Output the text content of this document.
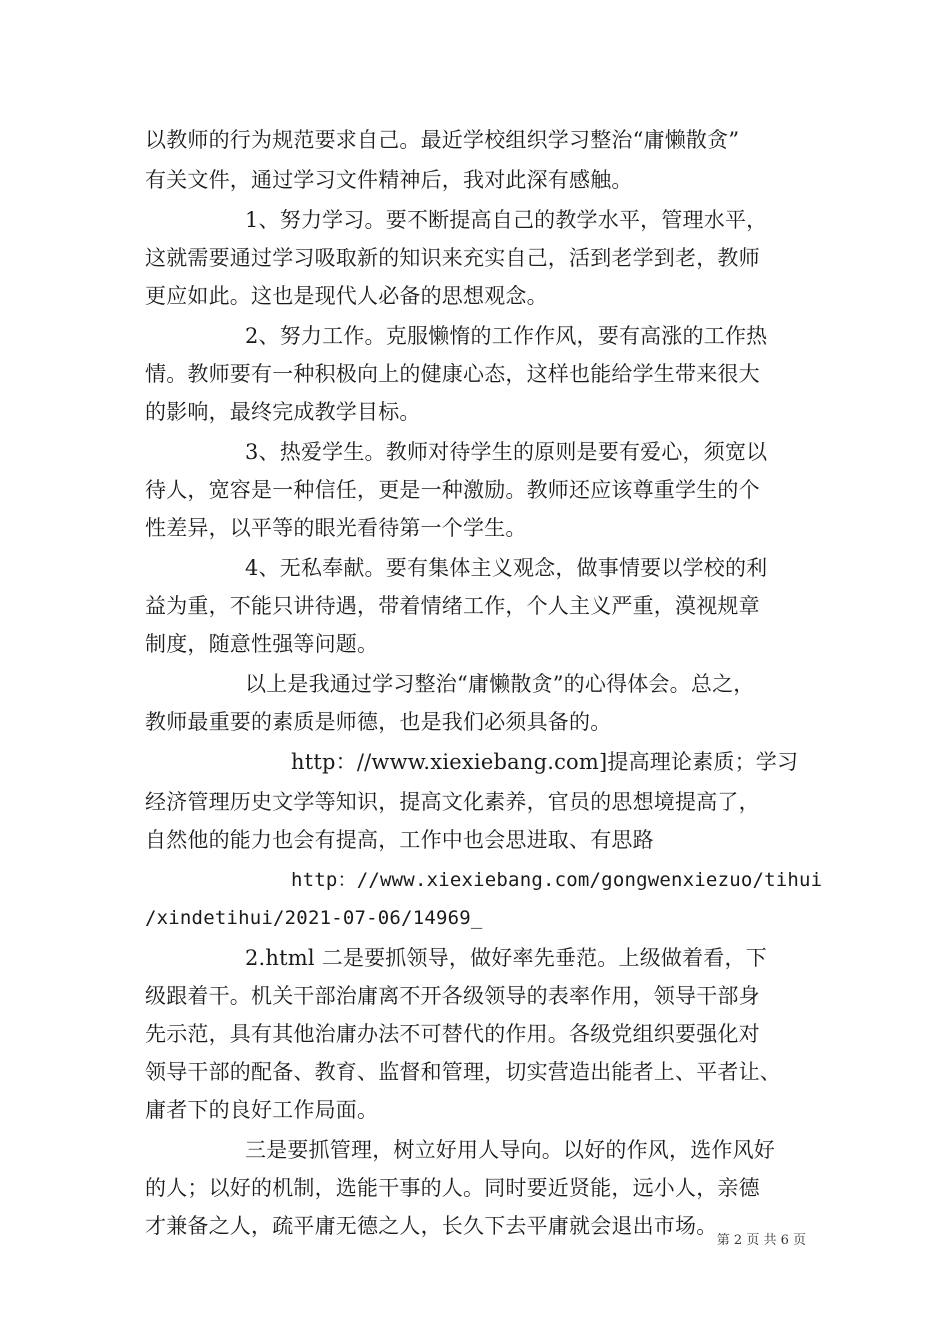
以教师的行为规范要求自己。最近学校组织学习整治“庸懒散贪”
有关文件，通过学习文件精神后，我对此深有感触。
1、努力学习。要不断提高自己的教学水平，管理水平，
这就需要通过学习吸取新的知识来充实自己，活到老学到老，教师
更应如此。这也是现代人必备的思想观念。
2、努力工作。克服懒惰的工作作风，要有高涨的工作热
情。教师要有一种积极向上的健康心态，这样也能给学生带来很大
的影响，最终完成教学目标。
3、热爱学生。教师对待学生的原则是要有爱心，须宽以
待人，宽容是一种信任，更是一种激励。教师还应该尊重学生的个
性差异，以平等的眼光看待第一个学生。
4、无私奉献。要有集体主义观念，做事情要以学校的利
益为重，不能只讲待遇，带着情绪工作，个人主义严重，漠视规章
制度，随意性强等问题。
以上是我通过学习整治“庸懒散贪”的心得体会。总之，
教师最重要的素质是师德，也是我们必须具备的。
http：//www.xiexiebang.com]提高理论素质；学习
经济管理历史文学等知识，提高文化素养，官员的思想境提高了，
自然他的能力也会有提高，工作中也会思进取、有思路
http：//www.xiexiebang.com/gongwenxiezuo/tihui
/xindetihui/2021-07-06/14969_
2.html 二是要抓领导，做好率先垂范。上级做着看，下
级跟着干。机关干部治庸离不开各级领导的表率作用，领导干部身
先示范，具有其他治庸办法不可替代的作用。各级党组织要强化对
领导干部的配备、教育、监督和管理，切实营造出能者上、平者让、
庸者下的良好工作局面。
三是要抓管理，树立好用人导向。以好的作风，选作风好
的人；以好的机制，选能干事的人。同时要近贤能，远小人，亲德
才兼备之人，疏平庸无德之人，长久下去平庸就会退出市场。
第 2 页 共 6 页
